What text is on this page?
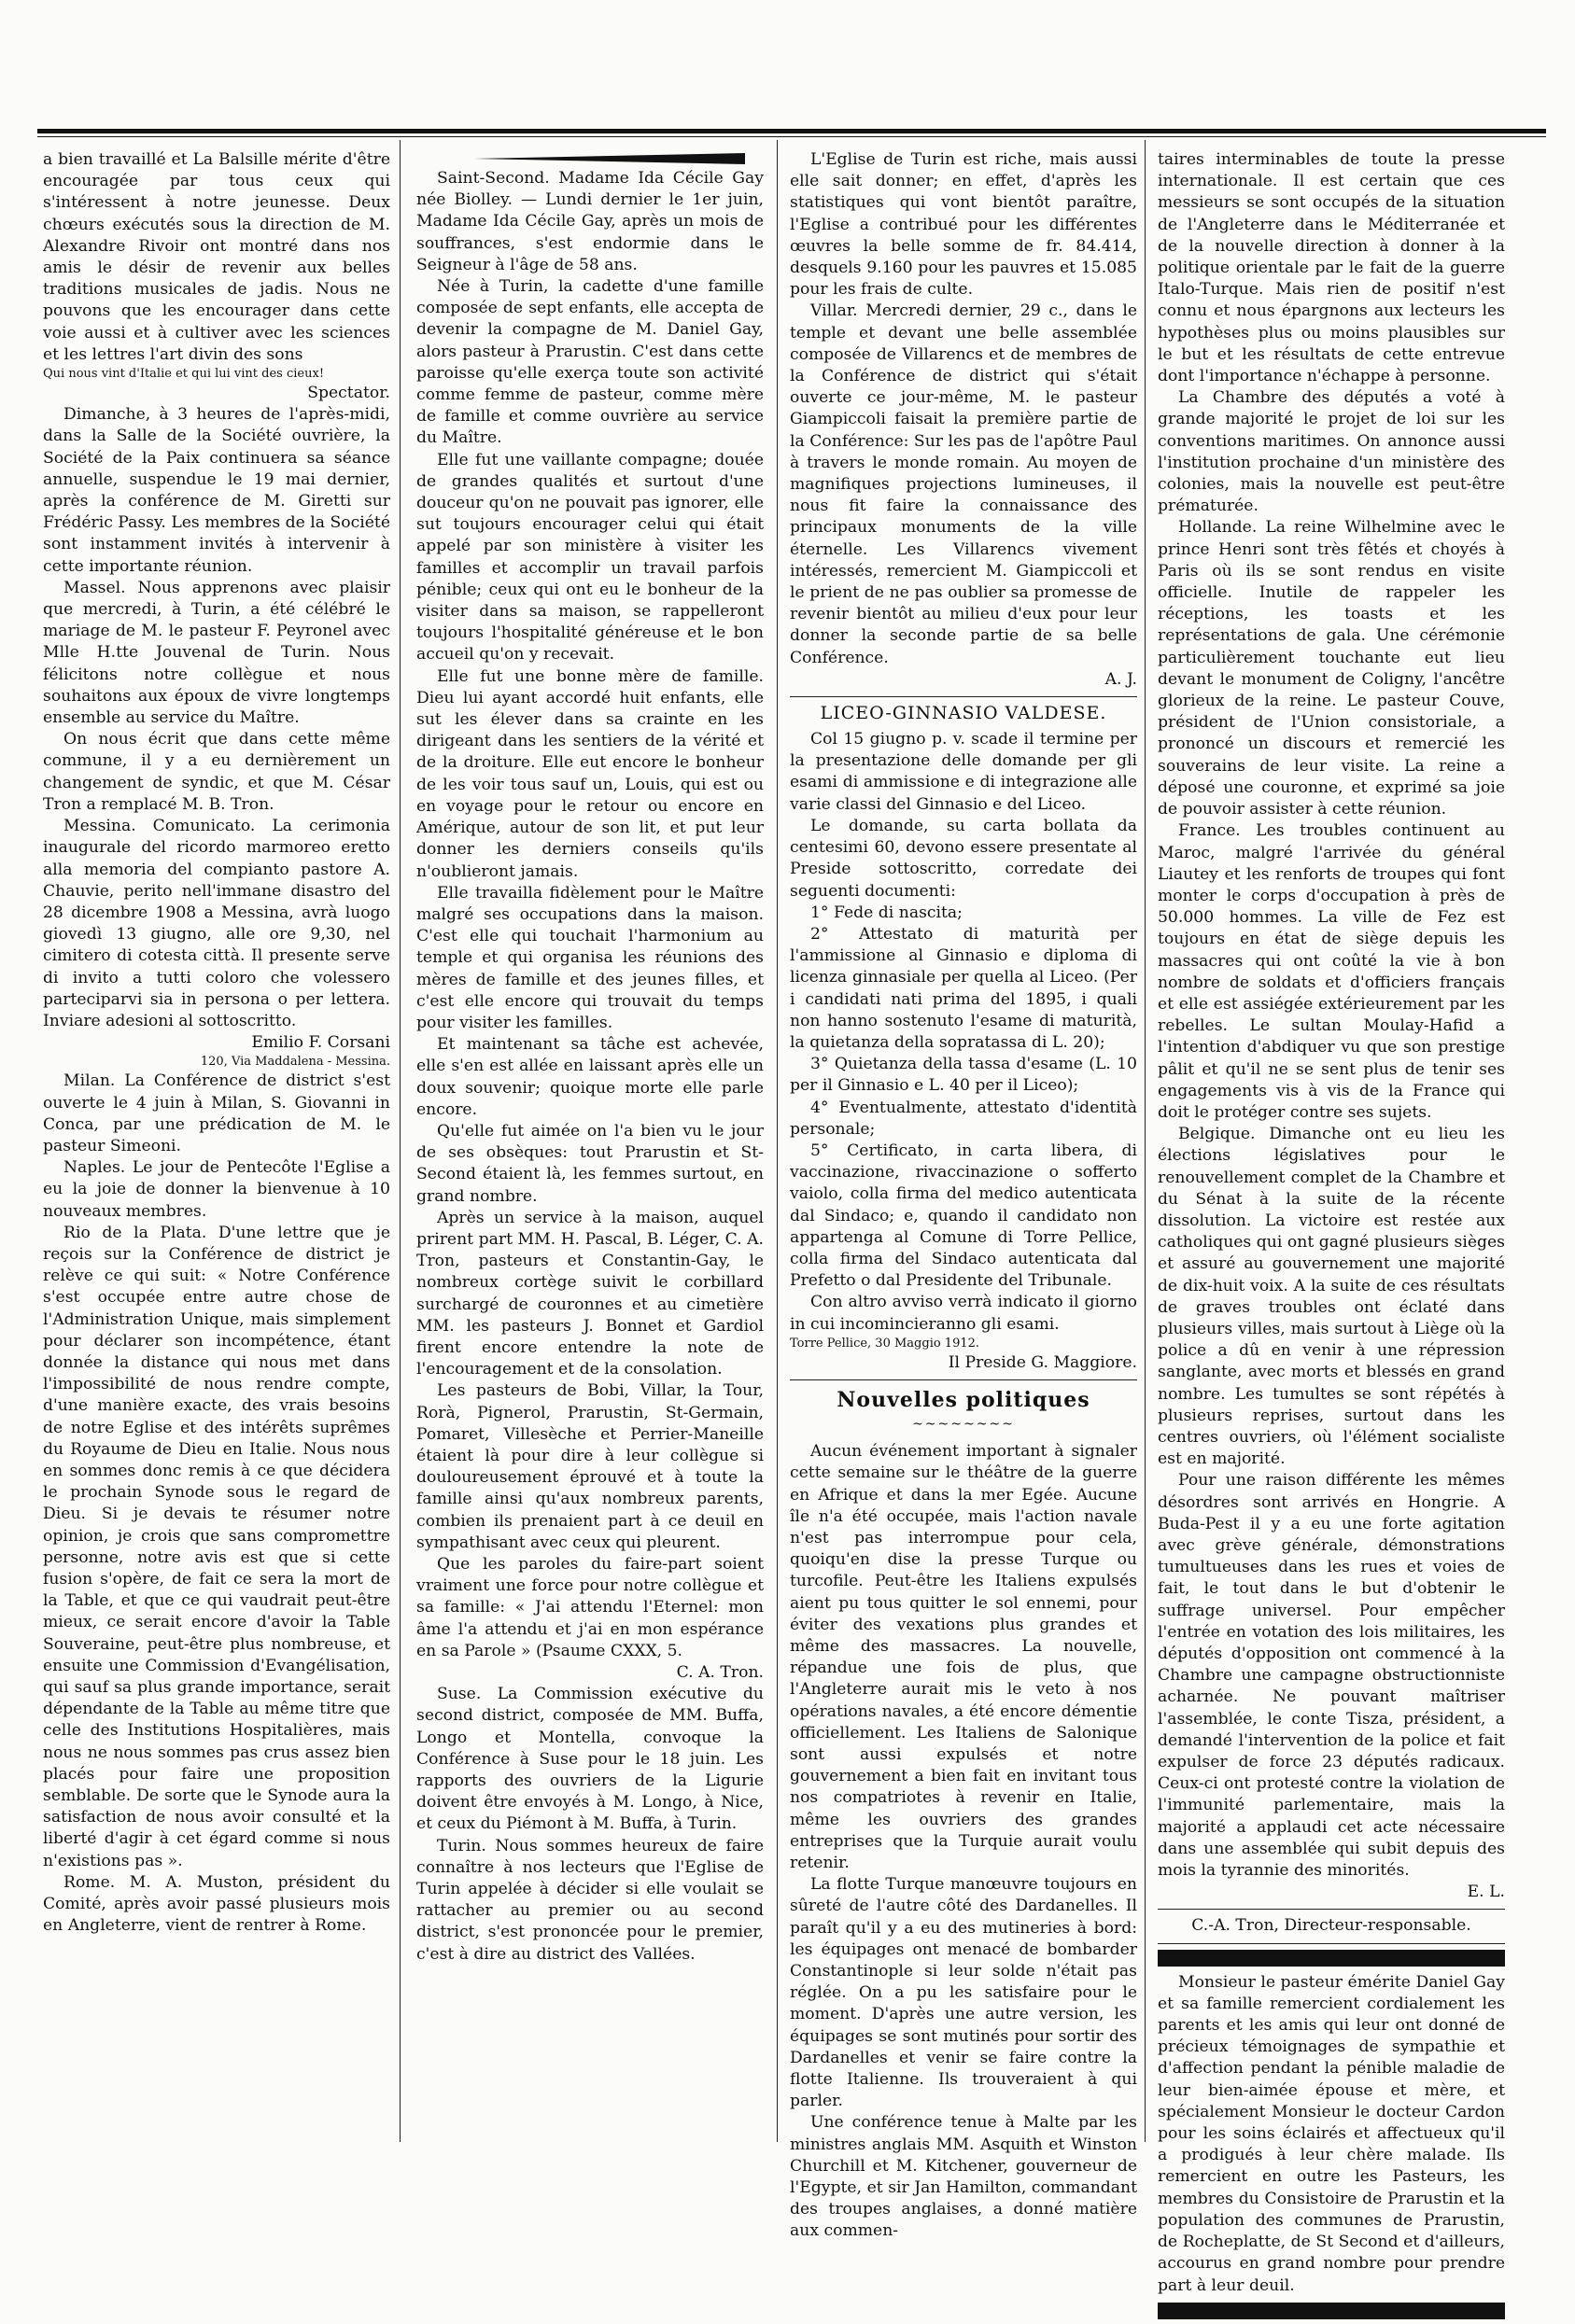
a bien travaillé et La Balsille mérite d'être encouragée par tous ceux qui s'intéressent à notre jeunesse. Deux chœurs exécutés sous la direction de M. Alexandre Rivoir ont montré dans nos amis le désir de revenir aux belles traditions musicales de jadis. Nous ne pouvons que les encourager dans cette voie aussi et à cultiver avec les sciences et les lettres l'art divin des sons

Qui nous vint d'Italie et qui lui vint des cieux!

Spectator.

Dimanche, à 3 heures de l'après-midi, dans la Salle de la Société ouvrière, la Société de la Paix continuera sa séance annuelle, suspendue le 19 mai dernier, après la conférence de M. Giretti sur Frédéric Passy. Les membres de la Société sont instamment invités à intervenir à cette importante réunion.

Massel. Nous apprenons avec plaisir que mercredi, à Turin, a été célébré le mariage de M. le pasteur F. Peyronel avec Mlle H.tte Jouvenal de Turin. Nous félicitons notre collègue et nous souhaitons aux époux de vivre longtemps ensemble au service du Maître.

On nous écrit que dans cette même commune, il y a eu dernièrement un changement de syndic, et que M. César Tron a remplacé M. B. Tron.

Messina. Comunicato. La cerimonia inaugurale del ricordo marmoreo eretto alla memoria del compianto pastore A. Chauvie, perito nell'immane disastro del 28 dicembre 1908 a Messina, avrà luogo giovedì 13 giugno, alle ore 9,30, nel cimitero di cotesta città. Il presente serve di invito a tutti coloro che volessero parteciparvi sia in persona o per lettera. Inviare adesioni al sottoscritto.

Emilio F. Corsani

120, Via Maddalena - Messina.

Milan. La Conférence de district s'est ouverte le 4 juin à Milan, S. Giovanni in Conca, par une prédication de M. le pasteur Simeoni.

Naples. Le jour de Pentecôte l'Eglise a eu la joie de donner la bienvenue à 10 nouveaux membres.

Rio de la Plata. D'une lettre que je reçois sur la Conférence de district je relève ce qui suit: « Notre Conférence s'est occupée entre autre chose de l'Administration Unique, mais simplement pour déclarer son incompétence, étant donnée la distance qui nous met dans l'impossibilité de nous rendre compte, d'une manière exacte, des vrais besoins de notre Eglise et des intérêts suprêmes du Royaume de Dieu en Italie. Nous nous en sommes donc remis à ce que décidera le prochain Synode sous le regard de Dieu. Si je devais te résumer notre opinion, je crois que sans compromettre personne, notre avis est que si cette fusion s'opère, de fait ce sera la mort de la Table, et que ce qui vaudrait peut-être mieux, ce serait encore d'avoir la Table Souveraine, peut-être plus nombreuse, et ensuite une Commission d'Evangélisation, qui sauf sa plus grande importance, serait dépendante de la Table au même titre que celle des Institutions Hospitalières, mais nous ne nous sommes pas crus assez bien placés pour faire une proposition semblable. De sorte que le Synode aura la satisfaction de nous avoir consulté et la liberté d'agir à cet égard comme si nous n'existions pas ».

Rome. M. A. Muston, président du Comité, après avoir passé plusieurs mois en Angleterre, vient de rentrer à Rome.

Saint-Second. Madame Ida Cécile Gay née Biolley. — Lundi dernier le 1er juin, Madame Ida Cécile Gay, après un mois de souffrances, s'est endormie dans le Seigneur à l'âge de 58 ans.

Née à Turin, la cadette d'une famille composée de sept enfants, elle accepta de devenir la compagne de M. Daniel Gay, alors pasteur à Prarustin. C'est dans cette paroisse qu'elle exerça toute son activité comme femme de pasteur, comme mère de famille et comme ouvrière au service du Maître.

Elle fut une vaillante compagne; douée de grandes qualités et surtout d'une douceur qu'on ne pouvait pas ignorer, elle sut toujours encourager celui qui était appelé par son ministère à visiter les familles et accomplir un travail parfois pénible; ceux qui ont eu le bonheur de la visiter dans sa maison, se rappelleront toujours l'hospitalité généreuse et le bon accueil qu'on y recevait.

Elle fut une bonne mère de famille. Dieu lui ayant accordé huit enfants, elle sut les élever dans sa crainte en les dirigeant dans les sentiers de la vérité et de la droiture. Elle eut encore le bonheur de les voir tous sauf un, Louis, qui est ou en voyage pour le retour ou encore en Amérique, autour de son lit, et put leur donner les derniers conseils qu'ils n'oublieront jamais.

Elle travailla fidèlement pour le Maître malgré ses occupations dans la maison. C'est elle qui touchait l'harmonium au temple et qui organisa les réunions des mères de famille et des jeunes filles, et c'est elle encore qui trouvait du temps pour visiter les familles.

Et maintenant sa tâche est achevée, elle s'en est allée en laissant après elle un doux souvenir; quoique morte elle parle encore.

Qu'elle fut aimée on l'a bien vu le jour de ses obsèques: tout Prarustin et St-Second étaient là, les femmes surtout, en grand nombre.

Après un service à la maison, auquel prirent part MM. H. Pascal, B. Léger, C. A. Tron, pasteurs et Constantin-Gay, le nombreux cortège suivit le corbillard surchargé de couronnes et au cimetière MM. les pasteurs J. Bonnet et Gardiol firent encore entendre la note de l'encouragement et de la consolation.

Les pasteurs de Bobi, Villar, la Tour, Rorà, Pignerol, Prarustin, St-Germain, Pomaret, Villesèche et Perrier-Maneille étaient là pour dire à leur collègue si douloureusement éprouvé et à toute la famille ainsi qu'aux nombreux parents, combien ils prenaient part à ce deuil en sympathisant avec ceux qui pleurent.

Que les paroles du faire-part soient vraiment une force pour notre collègue et sa famille: « J'ai attendu l'Eternel: mon âme l'a attendu et j'ai en mon espérance en sa Parole » (Psaume CXXX, 5.

C. A. Tron.

Suse. La Commission exécutive du second district, composée de MM. Buffa, Longo et Montella, convoque la Conférence à Suse pour le 18 juin. Les rapports des ouvriers de la Ligurie doivent être envoyés à M. Longo, à Nice, et ceux du Piémont à M. Buffa, à Turin.

Turin. Nous sommes heureux de faire connaître à nos lecteurs que l'Eglise de Turin appelée à décider si elle voulait se rattacher au premier ou au second district, s'est prononcée pour le premier, c'est à dire au district des Vallées.

L'Eglise de Turin est riche, mais aussi elle sait donner; en effet, d'après les statistiques qui vont bientôt paraître, l'Eglise a contribué pour les différentes œuvres la belle somme de fr. 84.414, desquels 9.160 pour les pauvres et 15.085 pour les frais de culte.

Villar. Mercredi dernier, 29 c., dans le temple et devant une belle assemblée composée de Villarencs et de membres de la Conférence de district qui s'était ouverte ce jour-même, M. le pasteur Giampiccoli faisait la première partie de la Conférence: Sur les pas de l'apôtre Paul à travers le monde romain. Au moyen de magnifiques projections lumineuses, il nous fit faire la connaissance des principaux monuments de la ville éternelle. Les Villarencs vivement intéressés, remercient M. Giampiccoli et le prient de ne pas oublier sa promesse de revenir bientôt au milieu d'eux pour leur donner la seconde partie de sa belle Conférence.

A. J.

LICEO-GINNASIO VALDESE.

Col 15 giugno p. v. scade il termine per la presentazione delle domande per gli esami di ammissione e di integrazione alle varie classi del Ginnasio e del Liceo.

Le domande, su carta bollata da centesimi 60, devono essere presentate al Preside sottoscritto, corredate dei seguenti documenti:

1° Fede di nascita;

2° Attestato di maturità per l'ammissione al Ginnasio e diploma di licenza ginnasiale per quella al Liceo. (Per i candidati nati prima del 1895, i quali non hanno sostenuto l'esame di maturità, la quietanza della sopratassa di L. 20);

3° Quietanza della tassa d'esame (L. 10 per il Ginnasio e L. 40 per il Liceo);

4° Eventualmente, attestato d'identità personale;

5° Certificato, in carta libera, di vaccinazione, rivaccinazione o sofferto vaiolo, colla firma del medico autenticata dal Sindaco; e, quando il candidato non appartenga al Comune di Torre Pellice, colla firma del Sindaco autenticata dal Prefetto o dal Presidente del Tribunale.

Con altro avviso verrà indicato il giorno in cui incomincieranno gli esami.

Torre Pellice, 30 Maggio 1912.

Il Preside G. Maggiore.

Nouvelles politiques
~~~~~~~~

Aucun événement important à signaler cette semaine sur le théâtre de la guerre en Afrique et dans la mer Egée. Aucune île n'a été occupée, mais l'action navale n'est pas interrompue pour cela, quoiqu'en dise la presse Turque ou turcofile. Peut-être les Italiens expulsés aient pu tous quitter le sol ennemi, pour éviter des vexations plus grandes et même des massacres. La nouvelle, répandue une fois de plus, que l'Angleterre aurait mis le veto à nos opérations navales, a été encore démentie officiellement. Les Italiens de Salonique sont aussi expulsés et notre gouvernement a bien fait en invitant tous nos compatriotes à revenir en Italie, même les ouvriers des grandes entreprises que la Turquie aurait voulu retenir.

La flotte Turque manœuvre toujours en sûreté de l'autre côté des Dardanelles. Il paraît qu'il y a eu des mutineries à bord: les équipages ont menacé de bombarder Constantinople si leur solde n'était pas réglée. On a pu les satisfaire pour le moment. D'après une autre version, les équipages se sont mutinés pour sortir des Dardanelles et venir se faire contre la flotte Italienne. Ils trouveraient à qui parler.

Une conférence tenue à Malte par les ministres anglais MM. Asquith et Winston Churchill et M. Kitchener, gouverneur de l'Egypte, et sir Jan Hamilton, commandant des troupes anglaises, a donné matière aux commen-

taires interminables de toute la presse internationale. Il est certain que ces messieurs se sont occupés de la situation de l'Angleterre dans le Méditerranée et de la nouvelle direction à donner à la politique orientale par le fait de la guerre Italo-Turque. Mais rien de positif n'est connu et nous épargnons aux lecteurs les hypothèses plus ou moins plausibles sur le but et les résultats de cette entrevue dont l'importance n'échappe à personne.

La Chambre des députés a voté à grande majorité le projet de loi sur les conventions maritimes. On annonce aussi l'institution prochaine d'un ministère des colonies, mais la nouvelle est peut-être prématurée.

Hollande. La reine Wilhelmine avec le prince Henri sont très fêtés et choyés à Paris où ils se sont rendus en visite officielle. Inutile de rappeler les réceptions, les toasts et les représentations de gala. Une cérémonie particulièrement touchante eut lieu devant le monument de Coligny, l'ancêtre glorieux de la reine. Le pasteur Couve, président de l'Union consistoriale, a prononcé un discours et remercié les souverains de leur visite. La reine a déposé une couronne, et exprimé sa joie de pouvoir assister à cette réunion.

France. Les troubles continuent au Maroc, malgré l'arrivée du général Liautey et les renforts de troupes qui font monter le corps d'occupation à près de 50.000 hommes. La ville de Fez est toujours en état de siège depuis les massacres qui ont coûté la vie à bon nombre de soldats et d'officiers français et elle est assiégée extérieurement par les rebelles. Le sultan Moulay-Hafid a l'intention d'abdiquer vu que son prestige pâlit et qu'il ne se sent plus de tenir ses engagements vis à vis de la France qui doit le protéger contre ses sujets.

Belgique. Dimanche ont eu lieu les élections législatives pour le renouvellement complet de la Chambre et du Sénat à la suite de la récente dissolution. La victoire est restée aux catholiques qui ont gagné plusieurs sièges et assuré au gouvernement une majorité de dix-huit voix. A la suite de ces résultats de graves troubles ont éclaté dans plusieurs villes, mais surtout à Liège où la police a dû en venir à une répression sanglante, avec morts et blessés en grand nombre. Les tumultes se sont répétés à plusieurs reprises, surtout dans les centres ouvriers, où l'élément socialiste est en majorité.

Pour une raison différente les mêmes désordres sont arrivés en Hongrie. A Buda-Pest il y a eu une forte agitation avec grève générale, démonstrations tumultueuses dans les rues et voies de fait, le tout dans le but d'obtenir le suffrage universel. Pour empêcher l'entrée en votation des lois militaires, les députés d'opposition ont commencé à la Chambre une campagne obstructionniste acharnée. Ne pouvant maîtriser l'assemblée, le conte Tisza, président, a demandé l'intervention de la police et fait expulser de force 23 députés radicaux. Ceux-ci ont protesté contre la violation de l'immunité parlementaire, mais la majorité a applaudi cet acte nécessaire dans une assemblée qui subit depuis des mois la tyrannie des minorités.

E. L.

C.-A. Tron, Directeur-responsable.

Monsieur le pasteur émérite Daniel Gay et sa famille remercient cordialement les parents et les amis qui leur ont donné de précieux témoignages de sympathie et d'affection pendant la pénible maladie de leur bien-aimée épouse et mère, et spécialement Monsieur le docteur Cardon pour les soins éclairés et affectueux qu'il a prodigués à leur chère malade. Ils remercient en outre les Pasteurs, les membres du Consistoire de Prarustin et la population des communes de Prarustin, de Rocheplatte, de St Second et d'ailleurs, accourus en grand nombre pour prendre part à leur deuil.
